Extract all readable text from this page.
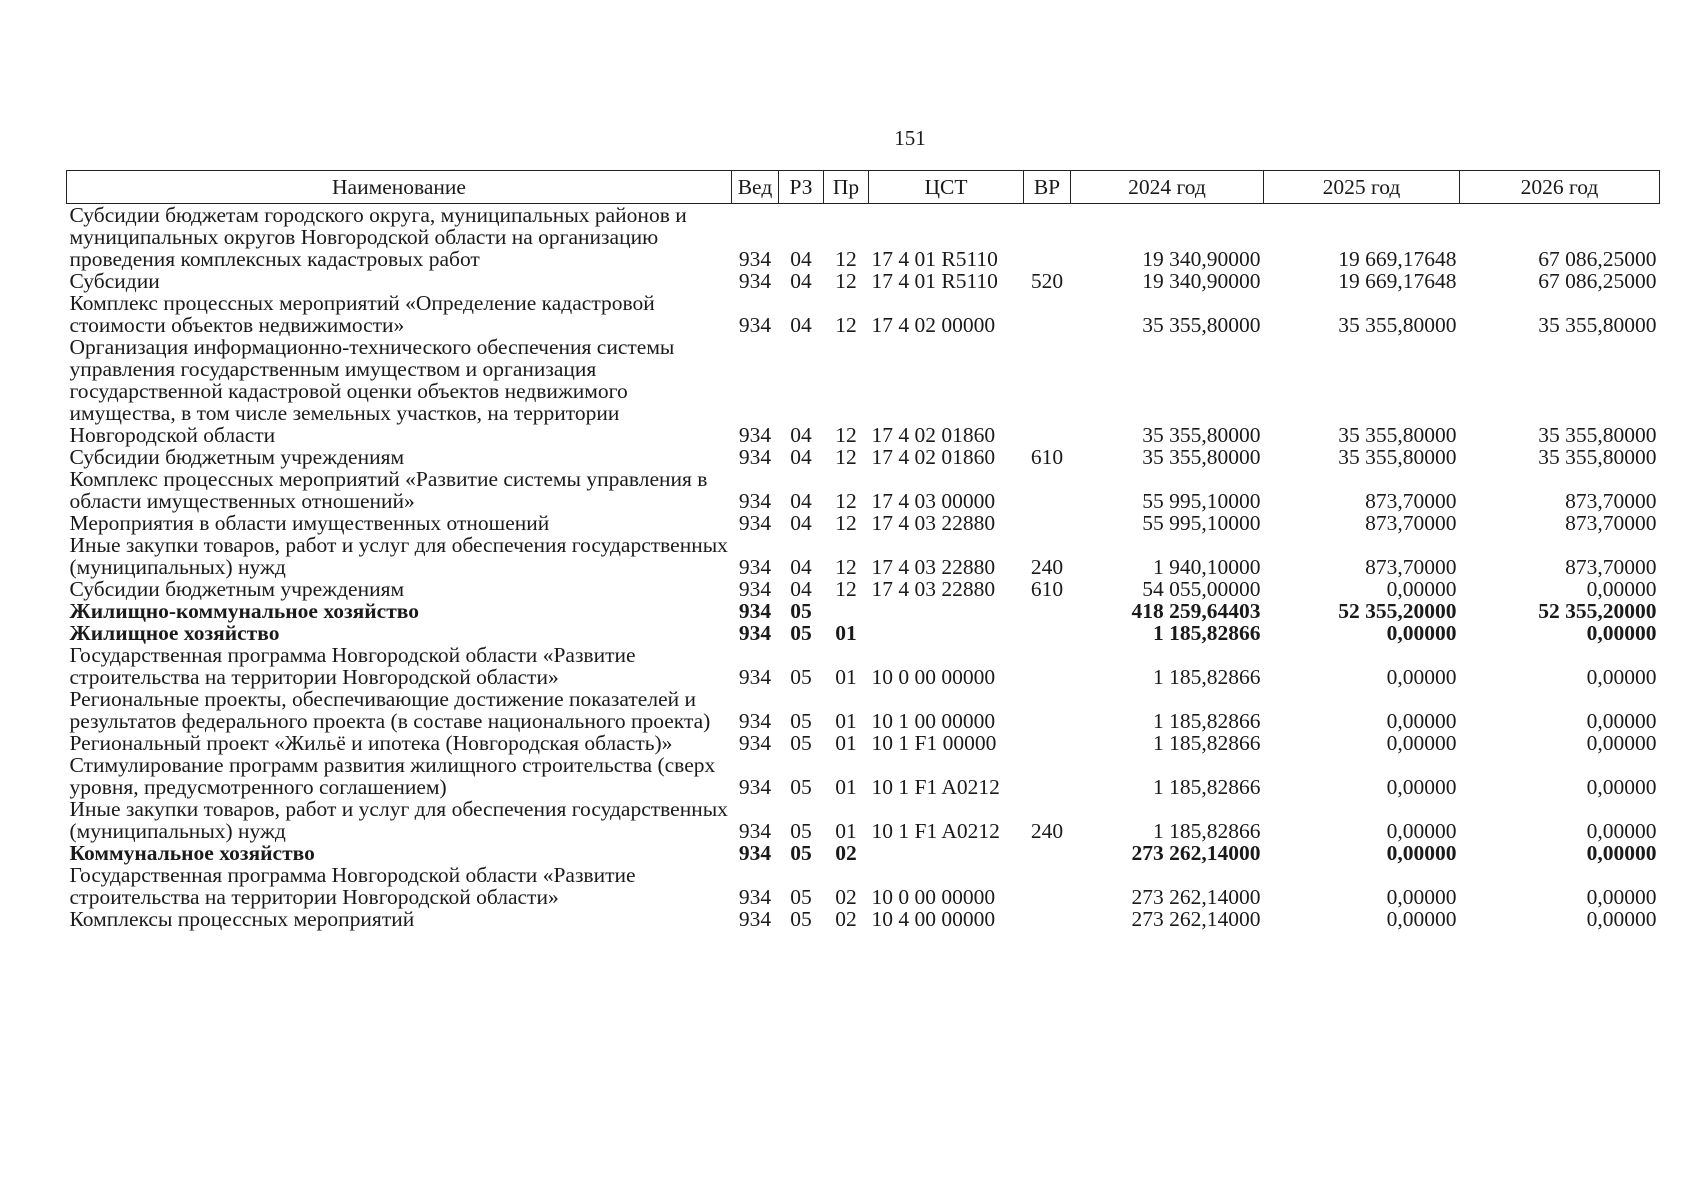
151
Наименование	Вед	РЗ	Пр	ЦСТ	ВР	2024 год	2025 год	2026 год
Субсидии бюджетам городского округа, муниципальных районов и муниципальных округов Новгородской области на организацию проведения комплексных кадастровых работ	934	04	12	17 4 01 R5110		19 340,90000	19 669,17648	67 086,25000
Субсидии	934	04	12	17 4 01 R5110	520	19 340,90000	19 669,17648	67 086,25000
Комплекс процессных мероприятий «Определение кадастровой стоимости объектов недвижимости»	934	04	12	17 4 02 00000		35 355,80000	35 355,80000	35 355,80000
Организация информационно-технического обеспечения системы управления государственным имуществом и организация государственной кадастровой оценки объектов недвижимого имущества, в том числе земельных участков, на территории Новгородской области	934	04	12	17 4 02 01860		35 355,80000	35 355,80000	35 355,80000
Субсидии бюджетным учреждениям	934	04	12	17 4 02 01860	610	35 355,80000	35 355,80000	35 355,80000
Комплекс процессных мероприятий «Развитие системы управления в области имущественных отношений»	934	04	12	17 4 03 00000		55 995,10000	873,70000	873,70000
Мероприятия в области имущественных отношений	934	04	12	17 4 03 22880		55 995,10000	873,70000	873,70000
Иные закупки товаров, работ и услуг для обеспечения государственных (муниципальных) нужд	934	04	12	17 4 03 22880	240	1 940,10000	873,70000	873,70000
Субсидии бюджетным учреждениям	934	04	12	17 4 03 22880	610	54 055,00000	0,00000	0,00000
Жилищно-коммунальное хозяйство	934	05				418 259,64403	52 355,20000	52 355,20000
Жилищное хозяйство	934	05	01			1 185,82866	0,00000	0,00000
Государственная программа Новгородской области «Развитие строительства на территории Новгородской области»	934	05	01	10 0 00 00000		1 185,82866	0,00000	0,00000
Региональные проекты, обеспечивающие достижение показателей и результатов федерального проекта (в составе национального проекта)	934	05	01	10 1 00 00000		1 185,82866	0,00000	0,00000
Региональный проект «Жильё и ипотека (Новгородская область)»	934	05	01	10 1 F1 00000		1 185,82866	0,00000	0,00000
Стимулирование программ развития жилищного строительства (сверх уровня, предусмотренного соглашением)	934	05	01	10 1 F1 A0212		1 185,82866	0,00000	0,00000
Иные закупки товаров, работ и услуг для обеспечения государственных (муниципальных) нужд	934	05	01	10 1 F1 A0212	240	1 185,82866	0,00000	0,00000
Коммунальное хозяйство	934	05	02			273 262,14000	0,00000	0,00000
Государственная программа Новгородской области «Развитие строительства на территории Новгородской области»	934	05	02	10 0 00 00000		273 262,14000	0,00000	0,00000
Комплексы процессных мероприятий	934	05	02	10 4 00 00000		273 262,14000	0,00000	0,00000
